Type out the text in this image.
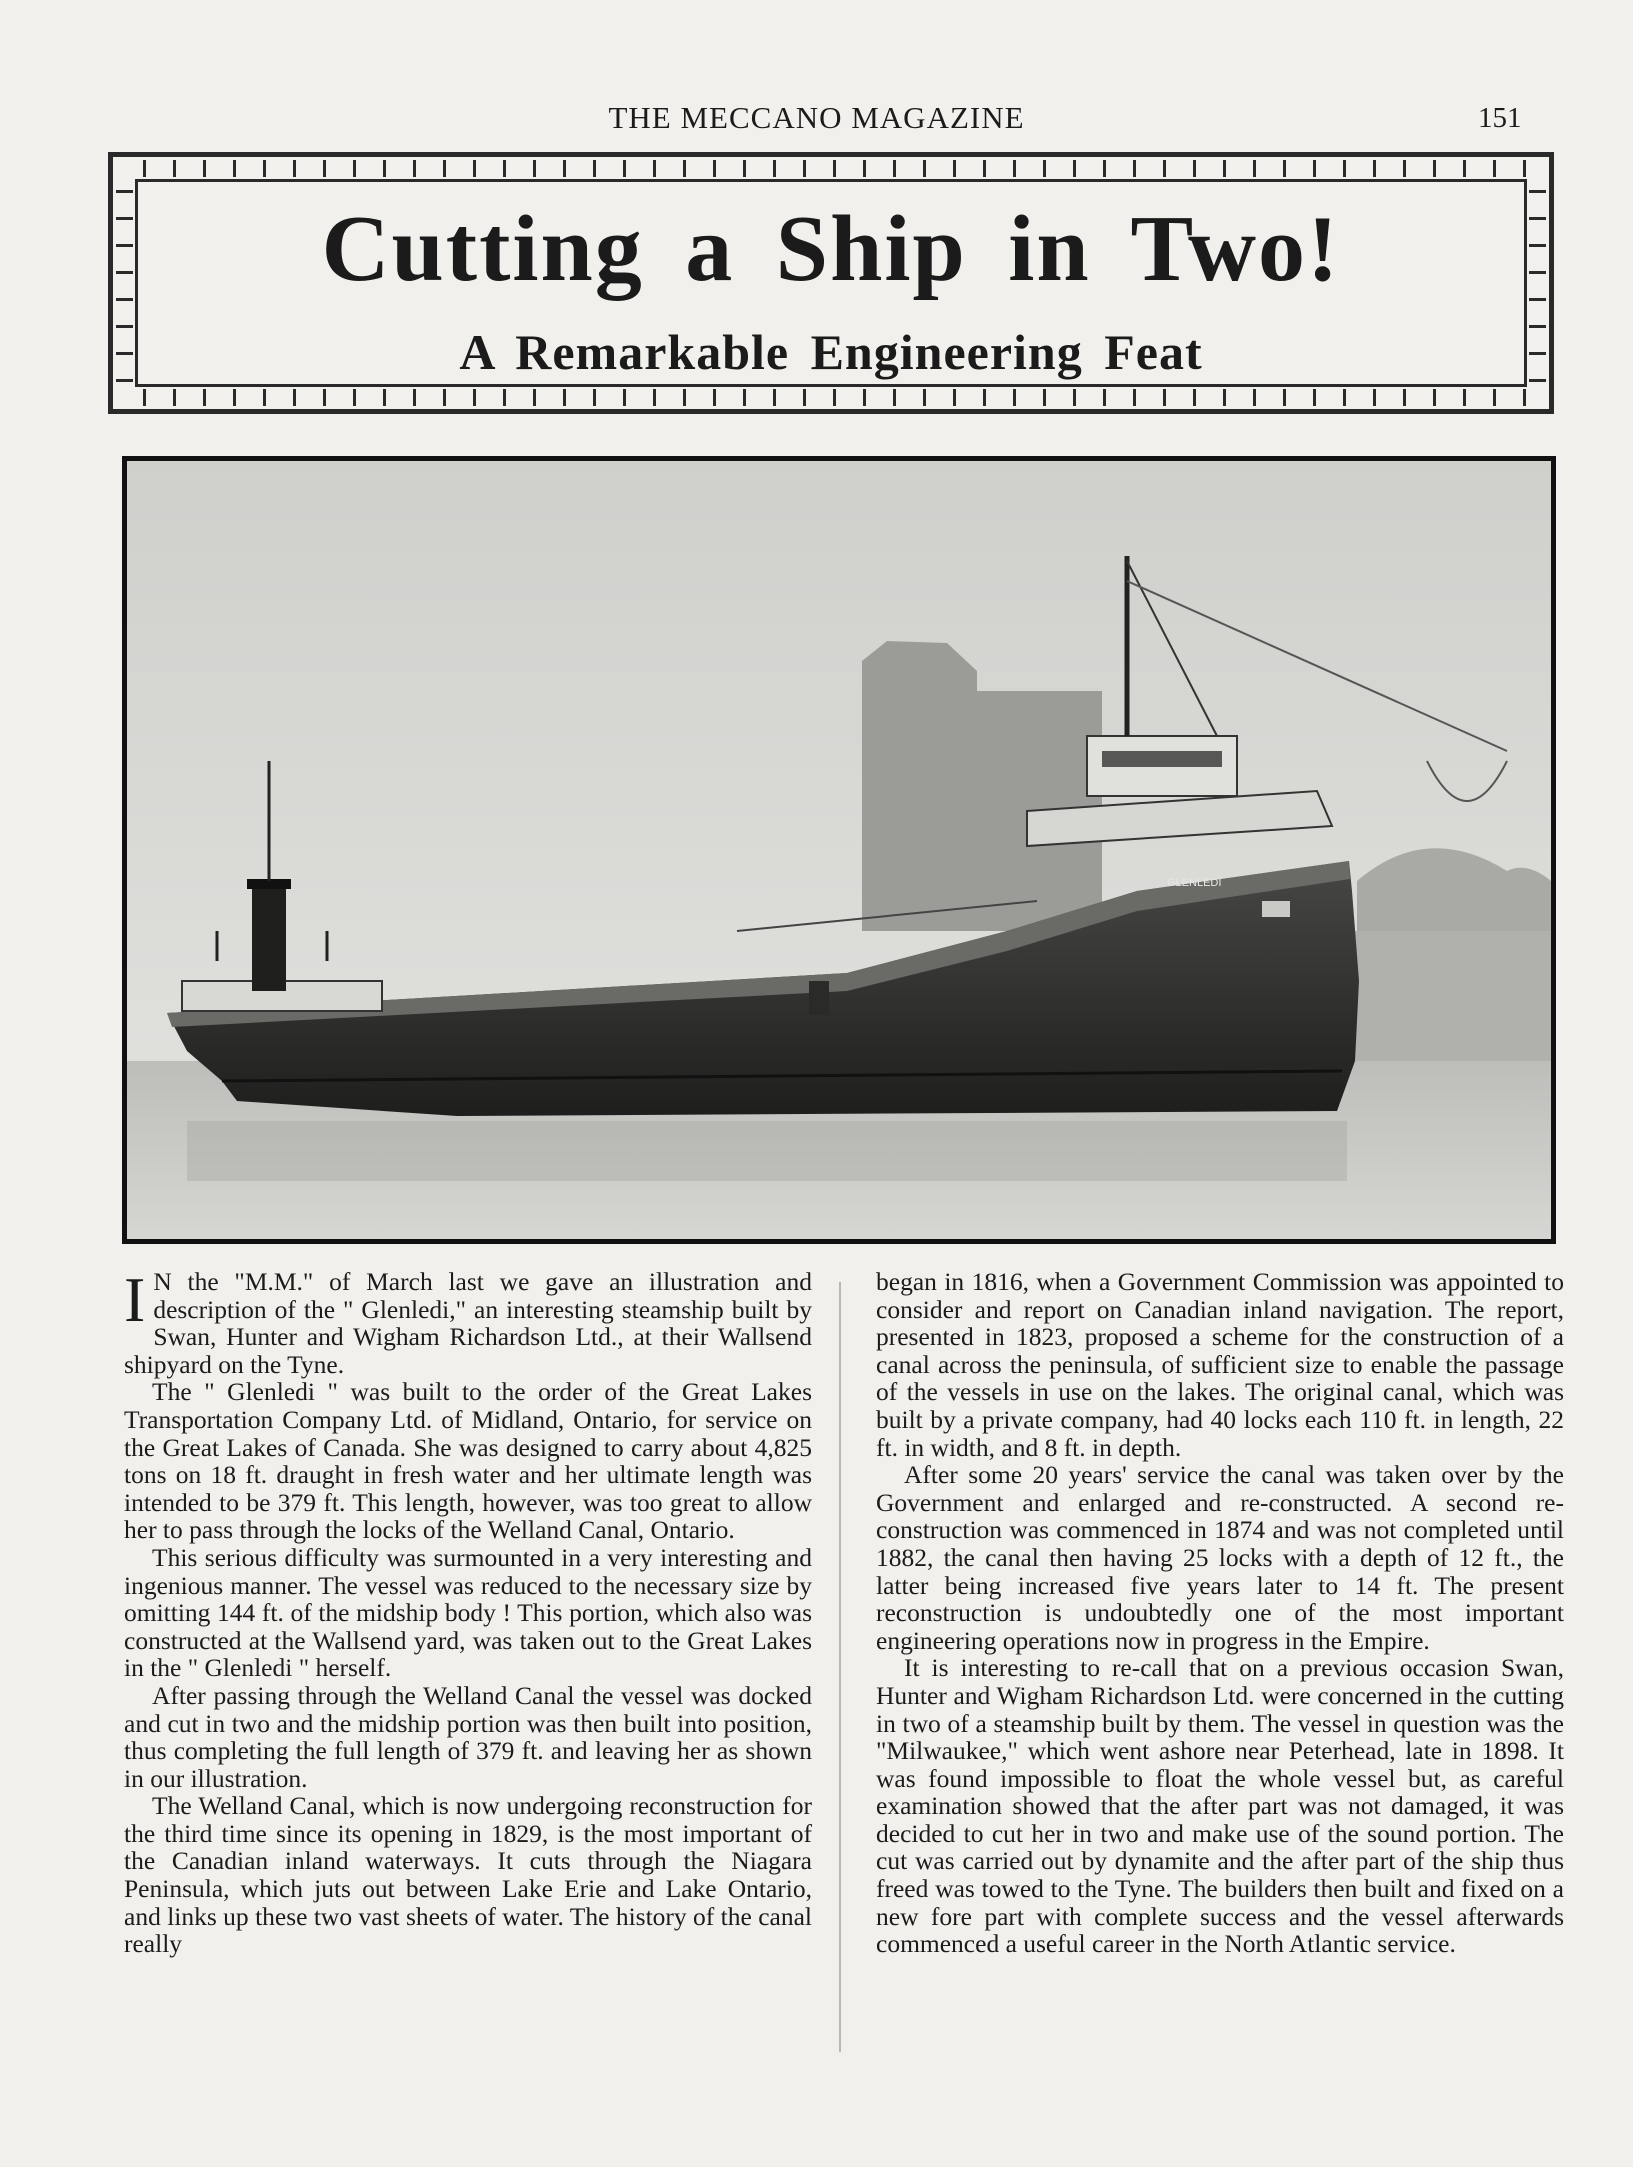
THE MECCANO MAGAZINE	151
Cutting a Ship in Two!
A Remarkable Engineering Feat
GLENLEDI

I N the "M.M." of March last we gave an illustration and description of the " Glenledi," an interesting steamship built by Swan, Hunter and Wigham Richardson Ltd., at their Wallsend shipyard on the Tyne.

The " Glenledi " was built to the order of the Great Lakes Transportation Company Ltd. of Midland, Ontario, for service on the Great Lakes of Canada. She was designed to carry about 4,825 tons on 18 ft. draught in fresh water and her ultimate length was intended to be 379 ft. This length, however, was too great to allow her to pass through the locks of the Welland Canal, Ontario.

This serious difficulty was surmounted in a very interesting and ingenious manner. The vessel was reduced to the necessary size by omitting 144 ft. of the midship body ! This portion, which also was constructed at the Wallsend yard, was taken out to the Great Lakes in the " Glenledi " herself.

After passing through the Welland Canal the vessel was docked and cut in two and the midship portion was then built into position, thus completing the full length of 379 ft. and leaving her as shown in our illustration.

The Welland Canal, which is now undergoing reconstruction for the third time since its opening in 1829, is the most important of the Canadian inland waterways. It cuts through the Niagara Peninsula, which juts out between Lake Erie and Lake Ontario, and links up these two vast sheets of water. The history of the canal really

began in 1816, when a Government Commission was appointed to consider and report on Canadian inland navigation. The report, presented in 1823, proposed a scheme for the construction of a canal across the peninsula, of sufficient size to enable the passage of the vessels in use on the lakes. The original canal, which was built by a private company, had 40 locks each 110 ft. in length, 22 ft. in width, and 8 ft. in depth.

After some 20 years' service the canal was taken over by the Government and enlarged and re-constructed. A second re-construction was commenced in 1874 and was not completed until 1882, the canal then having 25 locks with a depth of 12 ft., the latter being increased five years later to 14 ft. The present reconstruction is undoubtedly one of the most important engineering operations now in progress in the Empire.

It is interesting to re-call that on a previous occasion Swan, Hunter and Wigham Richardson Ltd. were concerned in the cutting in two of a steamship built by them. The vessel in question was the "Milwaukee," which went ashore near Peterhead, late in 1898. It was found impossible to float the whole vessel but, as careful examination showed that the after part was not damaged, it was decided to cut her in two and make use of the sound portion. The cut was carried out by dynamite and the after part of the ship thus freed was towed to the Tyne. The builders then built and fixed on a new fore part with complete success and the vessel afterwards commenced a useful career in the North Atlantic service.
